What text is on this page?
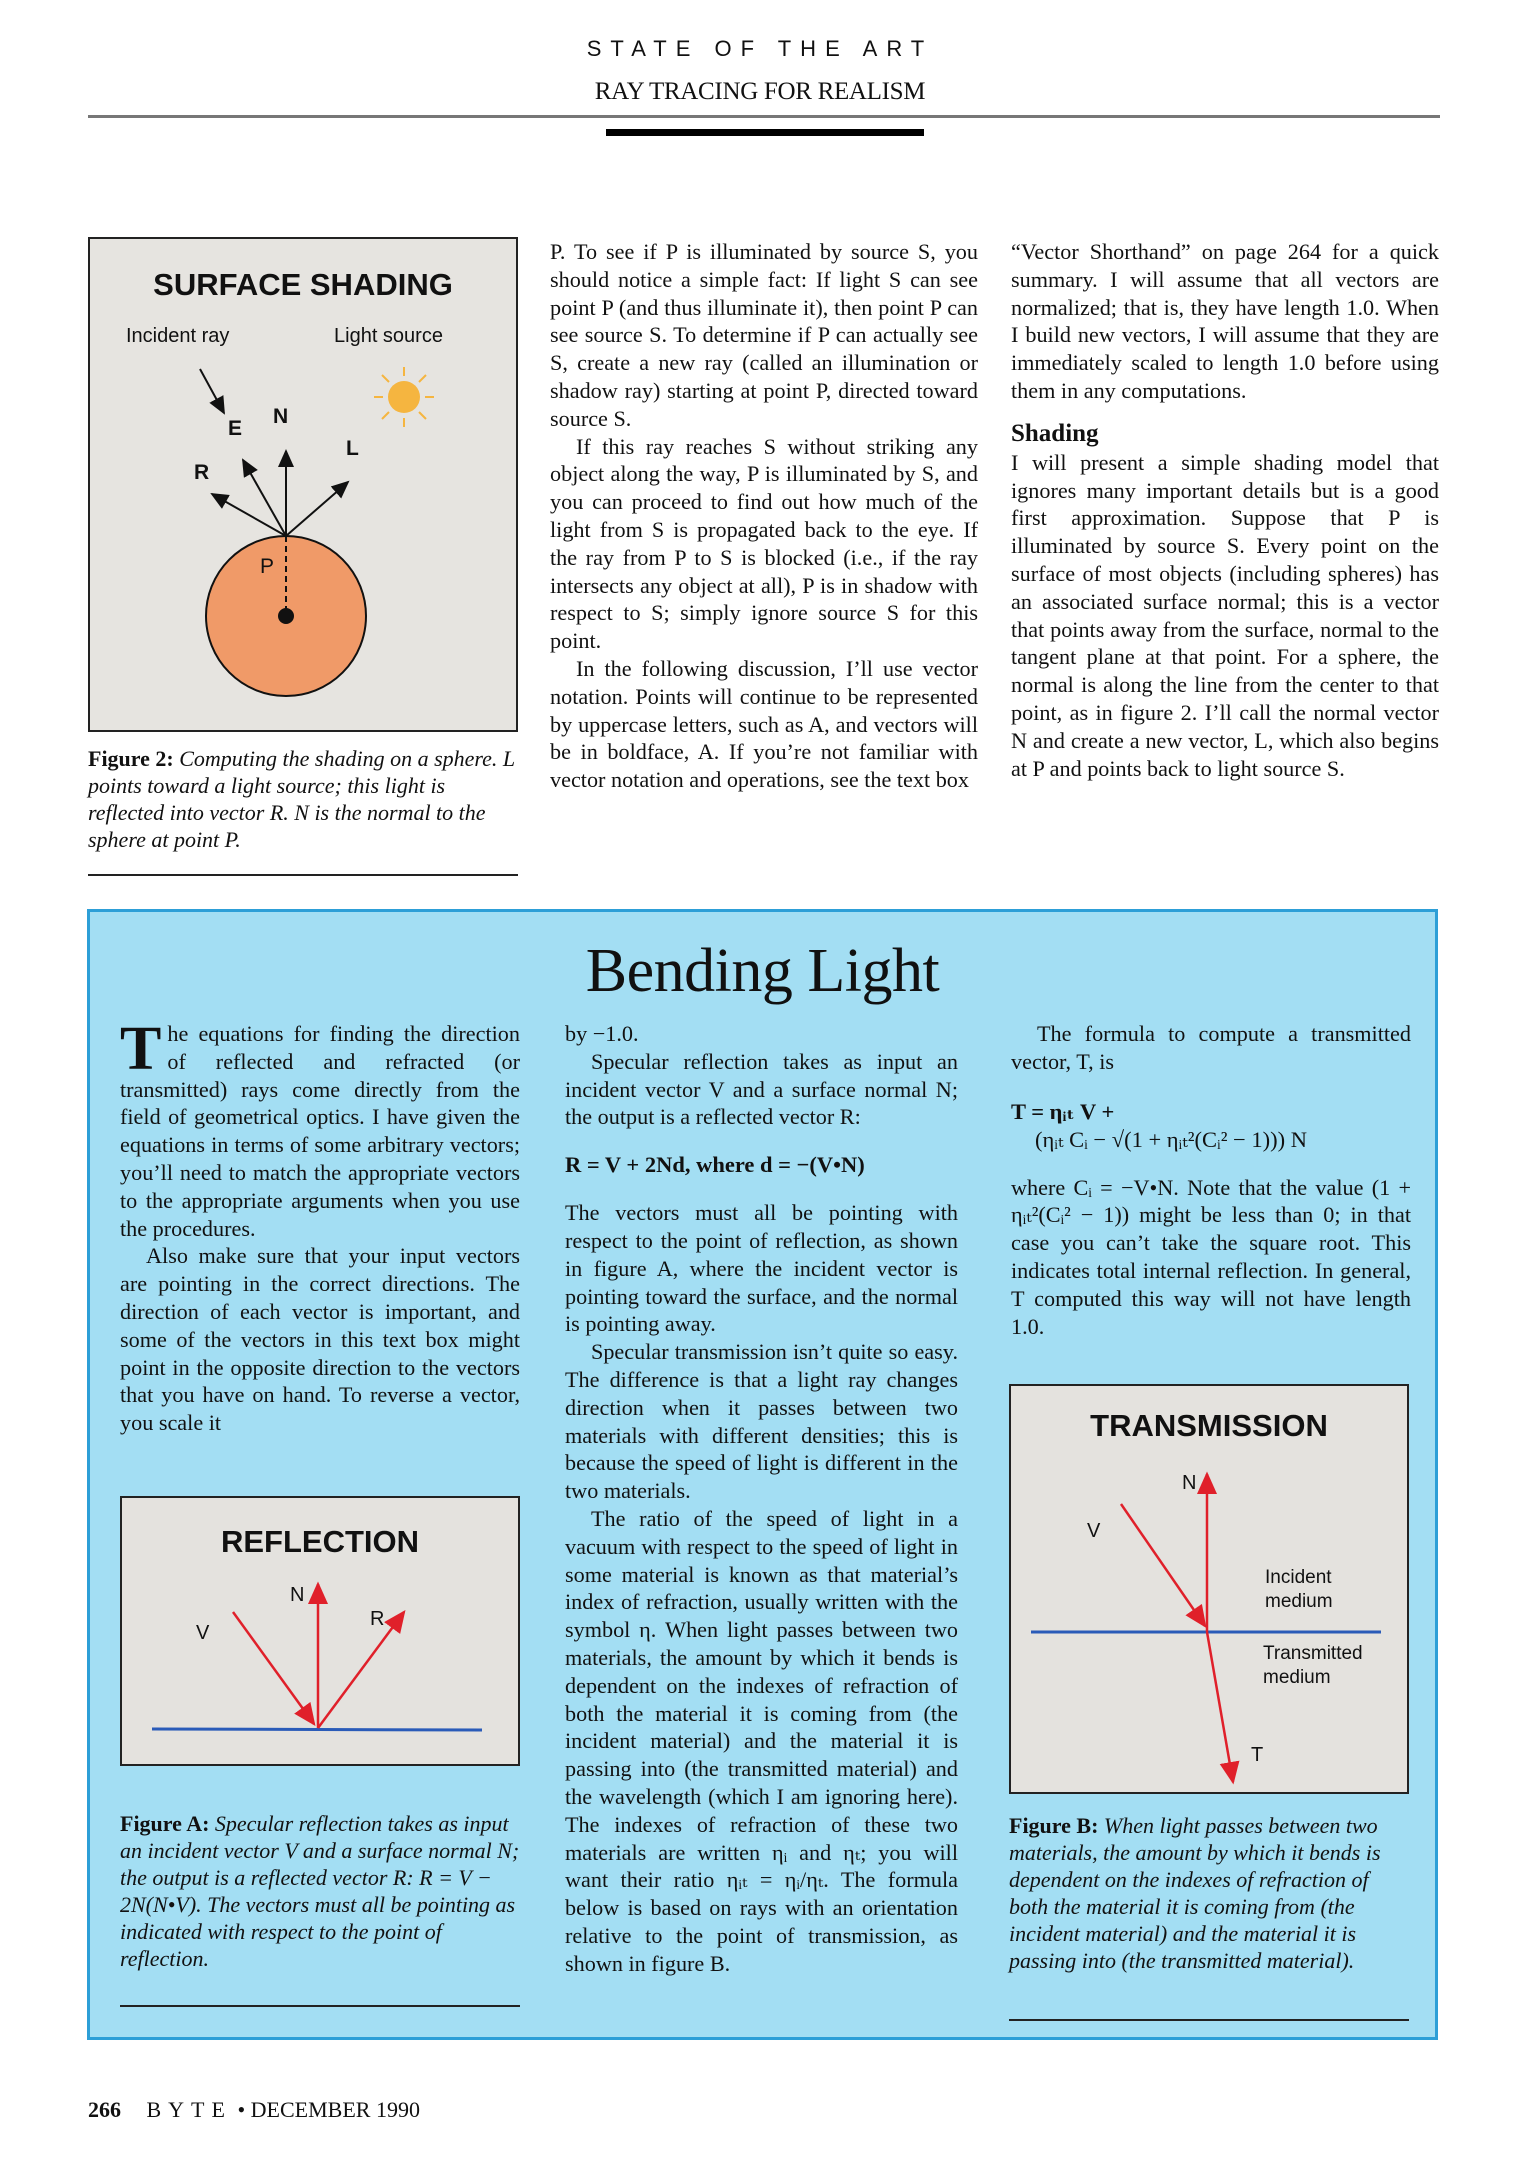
STATE OF THE ART
RAY TRACING FOR REALISM
SURFACE SHADING
Incident ray	Light source
E
N
R
L
P
Figure 2: Computing the shading on a sphere. L points toward a light source; this light is reflected into vector R. N is the normal to the sphere at point P.

P. To see if P is illuminated by source S, you should notice a simple fact: If light S can see point P (and thus illuminate it), then point P can see source S. To determine if P can actually see S, create a new ray (called an illumination or shadow ray) starting at point P, directed toward source S.

If this ray reaches S without striking any object along the way, P is illuminated by S, and you can proceed to find out how much of the light from S is propagated back to the eye. If the ray from P to S is blocked (i.e., if the ray intersects any object at all), P is in shadow with respect to S; simply ignore source S for this point.

In the following discussion, I’ll use vector notation. Points will continue to be represented by uppercase letters, such as A, and vectors will be in boldface, A. If you’re not familiar with vector notation and operations, see the text box

“Vector Shorthand” on page 264 for a quick summary. I will assume that all vectors are normalized; that is, they have length 1.0. When I build new vectors, I will assume that they are immediately scaled to length 1.0 before using them in any computations.

Shading

I will present a simple shading model that ignores many important details but is a good first approximation. Suppose that P is illuminated by source S. Every point on the surface of most objects (including spheres) has an associated surface normal; this is a vector that points away from the surface, normal to the tangent plane at that point. For a sphere, the normal is along the line from the center to that point, as in figure 2. I’ll call the normal vector N and create a new vector, L, which also begins at P and points back to light source S.

Bending Light

The equations for finding the direction of reflected and refracted (or transmitted) rays come directly from the field of geometrical optics. I have given the equations in terms of some arbitrary vectors; you’ll need to match the appropriate vectors to the appropriate arguments when you use the procedures.

Also make sure that your input vectors are pointing in the correct directions. The direction of each vector is important, and some of the vectors in this text box might point in the opposite direction to the vectors that you have on hand. To reverse a vector, you scale it

REFLECTION
V
N
R
Figure A: Specular reflection takes as input an incident vector V and a surface normal N; the output is a reflected vector R: R = V − 2N(N•V). The vectors must all be pointing as indicated with respect to the point of reflection.

by −1.0.

Specular reflection takes as input an incident vector V and a surface normal N; the output is a reflected vector R:

R = V + 2Nd, where d = −(V•N)

The vectors must all be pointing with respect to the point of reflection, as shown in figure A, where the incident vector is pointing toward the surface, and the normal is pointing away.

Specular transmission isn’t quite so easy. The difference is that a light ray changes direction when it passes between two materials with different densities; this is because the speed of light is different in the two materials.

The ratio of the speed of light in a vacuum with respect to the speed of light in some material is known as that material’s index of refraction, usually written with the symbol η. When light passes between two materials, the amount by which it bends is dependent on the indexes of refraction of both the material it is coming from (the incident material) and the material it is passing into (the transmitted material) and the wavelength (which I am ignoring here). The indexes of refraction of these two materials are written ηᵢ and ηₜ; you will want their ratio ηᵢₜ = ηᵢ/ηₜ. The formula below is based on rays with an orientation relative to the point of transmission, as shown in figure B.

The formula to compute a transmitted vector, T, is

T = ηᵢₜ V +

(ηᵢₜ Cᵢ − √(1 + ηᵢₜ²(Cᵢ² − 1))) N

where Cᵢ = −V•N. Note that the value (1 + ηᵢₜ²(Cᵢ² − 1)) might be less than 0; in that case you can’t take the square root. This indicates total internal reflection. In general, T computed this way will not have length 1.0.

TRANSMISSION
N
V
T
Incident
medium
Transmitted
medium
Figure B: When light passes between two materials, the amount by which it bends is dependent on the indexes of refraction of both the material it is coming from (the incident material) and the material it is passing into (the transmitted material).
266 BYTE • DECEMBER 1990
